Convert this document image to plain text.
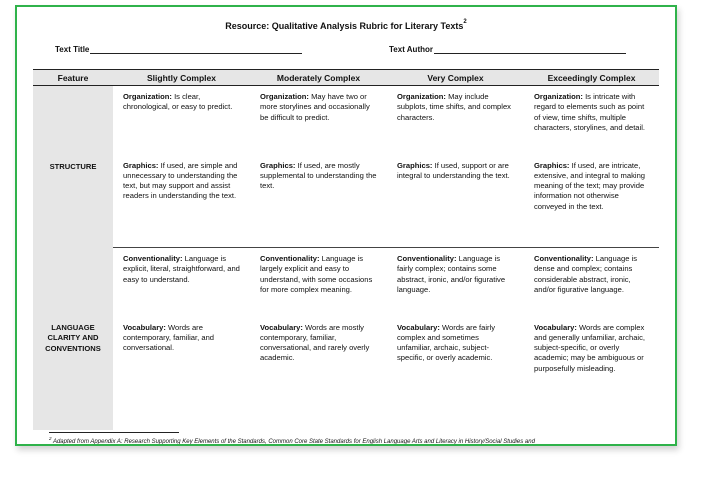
Resource: Qualitative Analysis Rubric for Literary Texts$^2$
Text Title	Text Author
Feature	Slightly Complex	Moderately Complex	Very Complex	Exceedingly Complex
STRUCTURE	Organization: Is clear, chronological, or easy to predict.	Organization: May have two or more storylines and occasionally be difficult to predict.	Organization: May include subplots, time shifts, and complex characters.	Organization: Is intricate with regard to elements such as point of view, time shifts, multiple characters, storylines, and detail.
	Graphics: If used, are simple and unnecessary to understanding the text, but may support and assist readers in understanding the text.	Graphics: If used, are mostly supplemental to understanding the text.	Graphics: If used, support or are integral to understanding the text.	Graphics: If used, are intricate, extensive, and integral to making meaning of the text; may provide information not otherwise conveyed in the text.
LANGUAGE CLARITY AND CONVENTIONS	Conventionality: Language is explicit, literal, straightforward, and easy to understand.	Conventionality: Language is largely explicit and easy to understand, with some occasions for more complex meaning.	Conventionality: Language is fairly complex; contains some abstract, ironic, and/or figurative language.	Conventionality: Language is dense and complex; contains considerable abstract, ironic, and/or figurative language.
	Vocabulary: Words are contemporary, familiar, and conversational.	Vocabulary: Words are mostly contemporary, familiar, conversational, and rarely overly academic.	Vocabulary: Words are fairly complex and sometimes unfamiliar, archaic, subject-specific, or overly academic.	Vocabulary: Words are complex and generally unfamiliar, archaic, subject-specific, or overly academic; may be ambiguous or purposefully misleading.
$^2$ Adapted from Appendix A: Research Supporting Key Elements of the Standards, Common Core State Standards for English Language Arts and Literacy in History/Social Studies and
